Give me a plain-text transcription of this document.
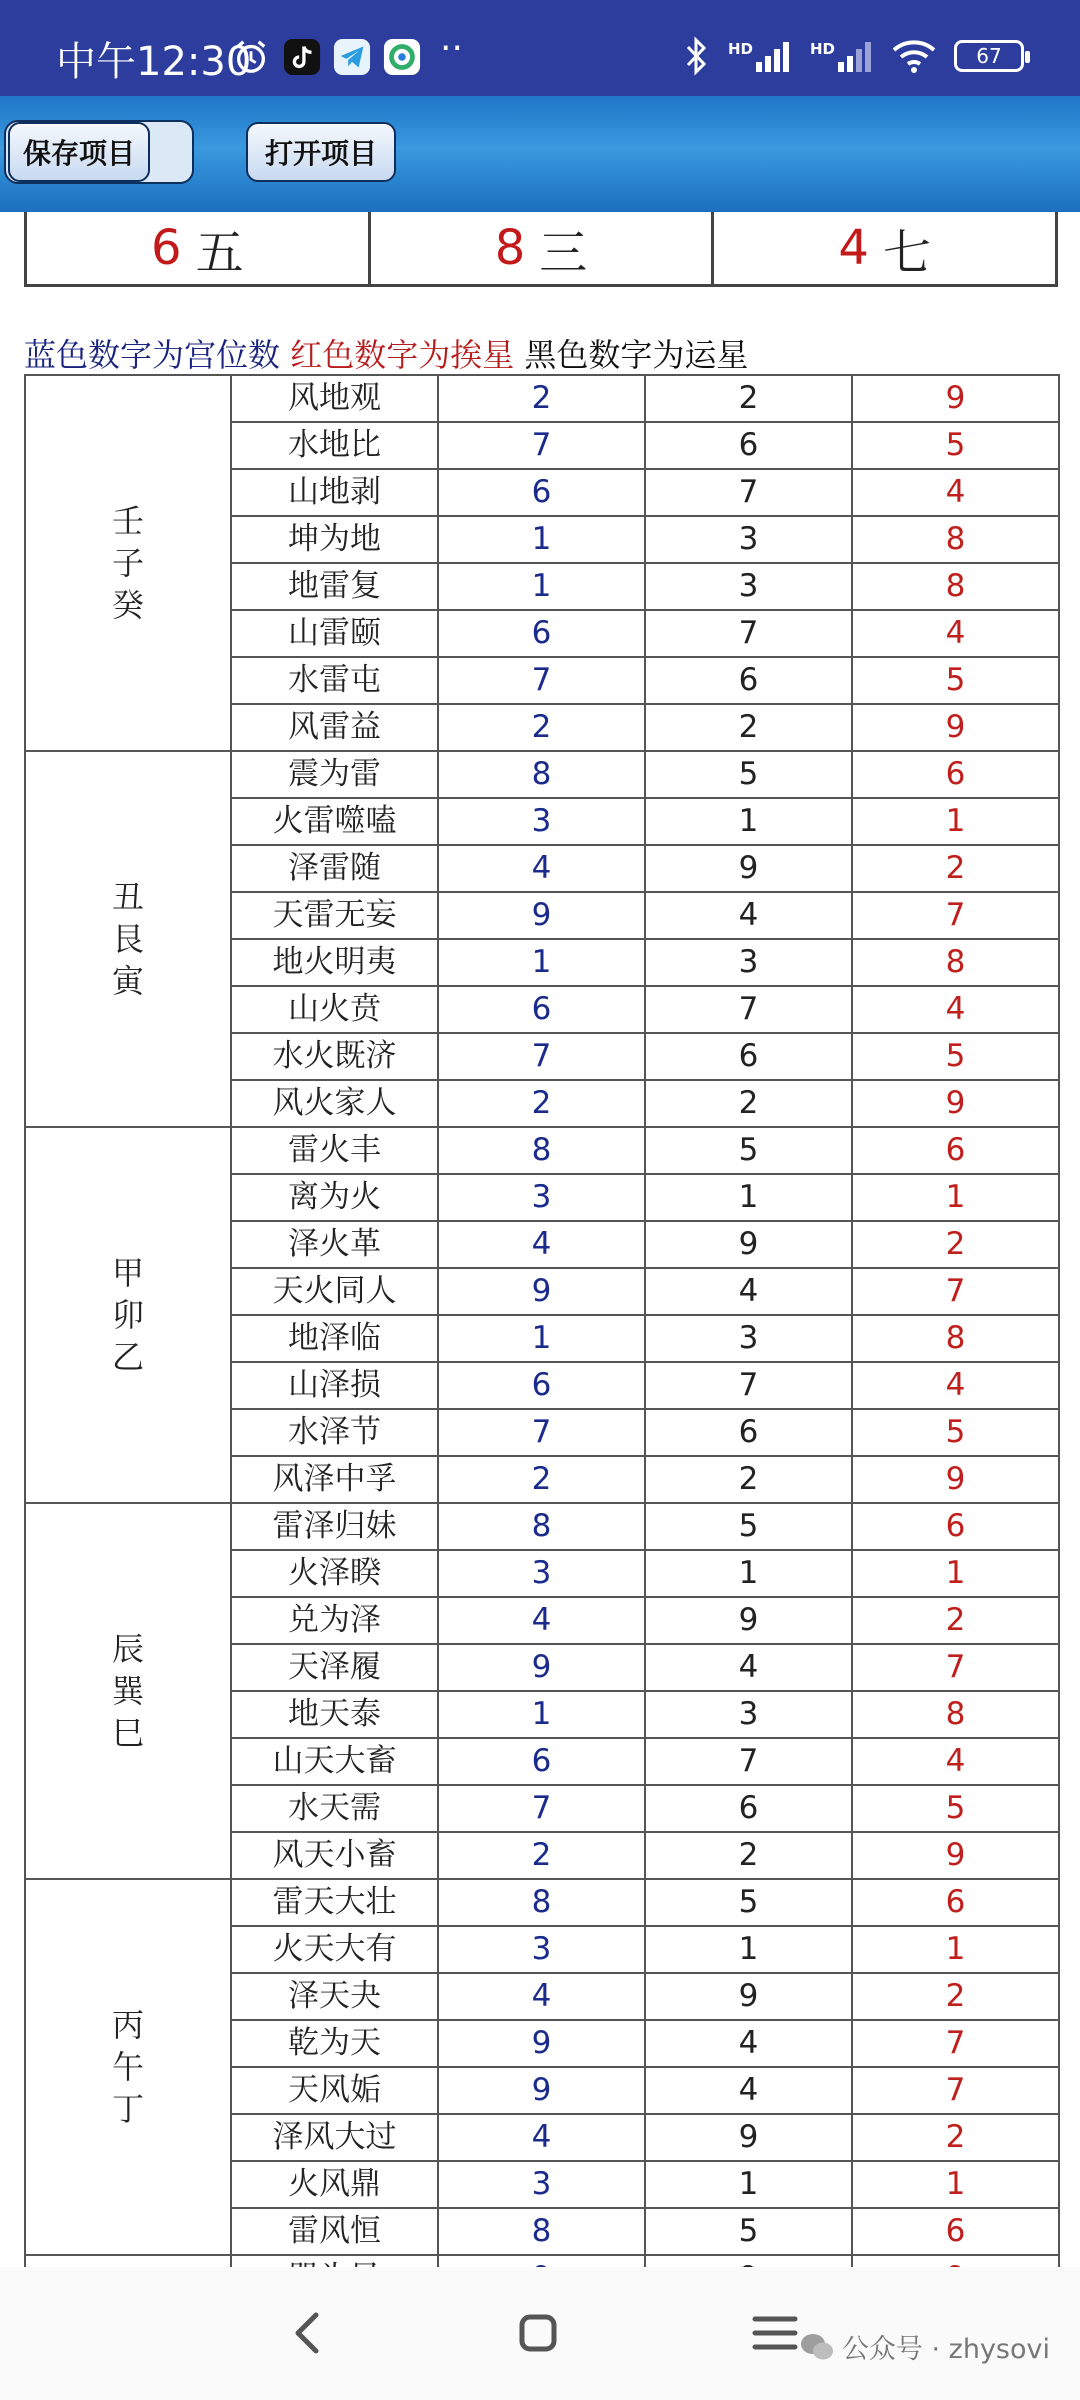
中午12:30	··	HD	HD	67
保存项目	打开项目
6 五	8 三	4 七
蓝色数字为宫位数 红色数字为挨星 黑色数字为运星
壬子癸	风地观	2	2	9
	水地比	7	6	5
	山地剥	6	7	4
	坤为地	1	3	8
	地雷复	1	3	8
	山雷颐	6	7	4
	水雷屯	7	6	5
	风雷益	2	2	9
丑艮寅	震为雷	8	5	6
	火雷噬嗑	3	1	1
	泽雷随	4	9	2
	天雷无妄	9	4	7
	地火明夷	1	3	8
	山火贲	6	7	4
	水火既济	7	6	5
	风火家人	2	2	9
甲卯乙	雷火丰	8	5	6
	离为火	3	1	1
	泽火革	4	9	2
	天火同人	9	4	7
	地泽临	1	3	8
	山泽损	6	7	4
	水泽节	7	6	5
	风泽中孚	2	2	9
辰巽巳	雷泽归妹	8	5	6
	火泽睽	3	1	1
	兑为泽	4	9	2
	天泽履	9	4	7
	地天泰	1	3	8
	山天大畜	6	7	4
	水天需	7	6	5
	风天小畜	2	2	9
丙午丁	雷天大壮	8	5	6
	火天大有	3	1	1
	泽天夬	4	9	2
	乾为天	9	4	7
	天风姤	9	4	7
	泽风大过	4	9	2
	火风鼎	3	1	1
	雷风恒	8	5	6

公众号 · zhysovi
